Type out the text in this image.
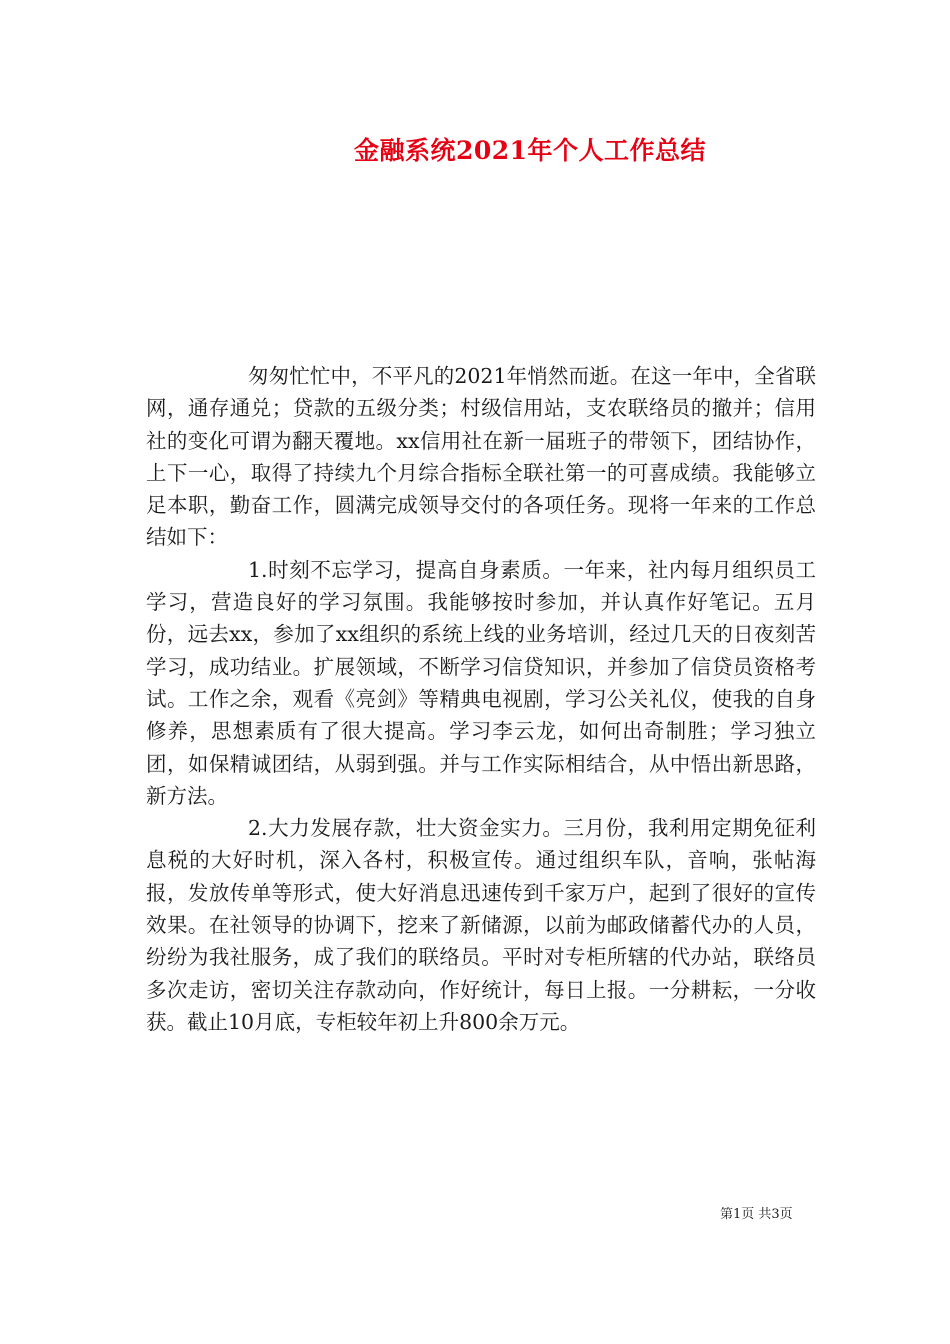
金融系统2021年个人工作总结

匆匆忙忙中，不平凡的2021年悄然而逝。在这一年中，全省联网，通存通兑；贷款的五级分类；村级信用站，支农联络员的撤并；信用社的变化可谓为翻天覆地。xx信用社在新一届班子的带领下，团结协作，上下一心，取得了持续九个月综合指标全联社第一的可喜成绩。我能够立足本职，勤奋工作，圆满完成领导交付的各项任务。现将一年来的工作总结如下：

1.时刻不忘学习，提高自身素质。一年来，社内每月组织员工学习，营造良好的学习氛围。我能够按时参加，并认真作好笔记。五月份，远去xx，参加了xx组织的系统上线的业务培训，经过几天的日夜刻苦学习，成功结业。扩展领域，不断学习信贷知识，并参加了信贷员资格考试。工作之余，观看《亮剑》等精典电视剧，学习公关礼仪，使我的自身修养，思想素质有了很大提高。学习李云龙，如何出奇制胜；学习独立团，如保精诚团结，从弱到强。并与工作实际相结合，从中悟出新思路，新方法。

2.大力发展存款，壮大资金实力。三月份，我利用定期免征利息税的大好时机，深入各村，积极宣传。通过组织车队，音响，张帖海报，发放传单等形式，使大好消息迅速传到千家万户，起到了很好的宣传效果。在社领导的协调下，挖来了新储源，以前为邮政储蓄代办的人员，纷纷为我社服务，成了我们的联络员。平时对专柜所辖的代办站，联络员多次走访，密切关注存款动向，作好统计，每日上报。一分耕耘，一分收获。截止10月底，专柜较年初上升800余万元。

第1页 共3页
